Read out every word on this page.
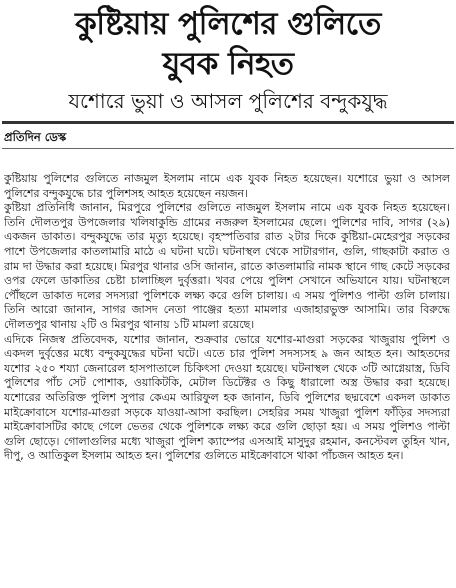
কুষ্টিয়ায় পুলিশের গুলিতে
যুবক নিহত
যশোরে ভুয়া ও আসল পুলিশের বন্দুকযুদ্ধ
প্রতিদিন ডেস্ক

কুষ্টিয়ায় পুলিশের গুলিতে নাজমুল ইসলাম নামে এক যুবক নিহত হয়েছেন। যশোরে ভুয়া ও আসল পুলিশের বন্দুকযুদ্ধে চার পুলিশসহ আহত হয়েছেন নয়জন।

কুষ্টিয়া প্রতিনিধি জানান, মিরপুরে পুলিশের গুলিতে নাজমুল ইসলাম নামে এক যুবক নিহত হয়েছেন। তিনি দৌলতপুর উপজেলার খলিষাকুন্ডি গ্রামের নজরুল ইসলামের ছেলে। পুলিশের দাবি, সাগর (২৯) একজন ডাকাত। বন্দুকযুদ্ধে তার মৃত্যু হয়েছে। বৃহস্পতিবার রাত ২টার দিকে কুষ্টিয়া-মেহেরপুর সড়কের পাশে উপজেলার কাতলামারি মাঠে এ ঘটনা ঘটে। ঘটনাস্থল থেকে সাটারগান, গুলি, গাছকাটা করাত ও রাম দা উদ্ধার করা হয়েছে। মিরপুর থানার ওসি জানান, রাতে কাতলামারি নামক স্থানে গাছ কেটে সড়কের ওপর ফেলে ডাকাতির চেষ্টা চালাচ্ছিল দুর্বৃত্তরা। খবর পেয়ে পুলিশ সেখানে অভিযানে যায়। ঘটনাস্থলে পৌঁছলে ডাকাত দলের সদস্যরা পুলিশকে লক্ষ্য করে গুলি চালায়। এ সময় পুলিশও পাল্টা গুলি চালায়। তিনি আরো জানান, সাগর জাসদ নেতা পাঞ্জের হত্যা মামলার এজাহারভুক্ত আসামি। তার বিরুদ্ধে দৌলতপুর থানায় ২টি ও মিরপুর থানায় ১টি মামলা রয়েছে।

এদিকে নিজস্ব প্রতিবেদক, যশোর জানান, শুক্রবার ভোরে যশোর-মাগুরা সড়কের খাজুরায় পুলিশ ও একদল দুর্বৃত্তের মধ্যে বন্দুকযুদ্ধের ঘটনা ঘটে। এতে চার পুলিশ সদস্যসহ ৯ জন আহত হন। আহতদের যশোর ২৫০ শয্যা জেনারেল হাসপাতালে চিকিৎসা দেওয়া হয়েছে। ঘটনাস্থল থেকে ৩টি আগ্নেয়াস্ত্র, ডিবি পুলিশের পাঁচ সেট পোশাক, ওয়াকিটকি, মেটাল ডিটেক্টর ও কিছু ধারালো অস্ত্র উদ্ধার করা হয়েছে। যশোরের অতিরিক্ত পুলিশ সুপার কেএম আরিফুল হক জানান, ডিবি পুলিশের ছদ্মবেশে একদল ডাকাত মাইক্রোবাসে যশোর-মাগুরা সড়কে যাওয়া-আসা করছিল। সেহরির সময় খাজুরা পুলিশ ফাঁড়ির সদস্যরা মাইক্রোবাসটির কাছে গেলে ভেতর থেকে পুলিশকে লক্ষ্য করে গুলি ছোড়া হয়। এ সময় পুলিশও পাল্টা গুলি ছোড়ে। গোলাগুলির মধ্যে খাজুরা পুলিশ ক্যাম্পের এসআই মাসুদুর রহমান, কনস্টেবল তুহিন খান, দীপু, ও আতিকুল ইসলাম আহত হন। পুলিশের গুলিতে মাইক্রোবাসে থাকা পাঁচজন আহত হন।
